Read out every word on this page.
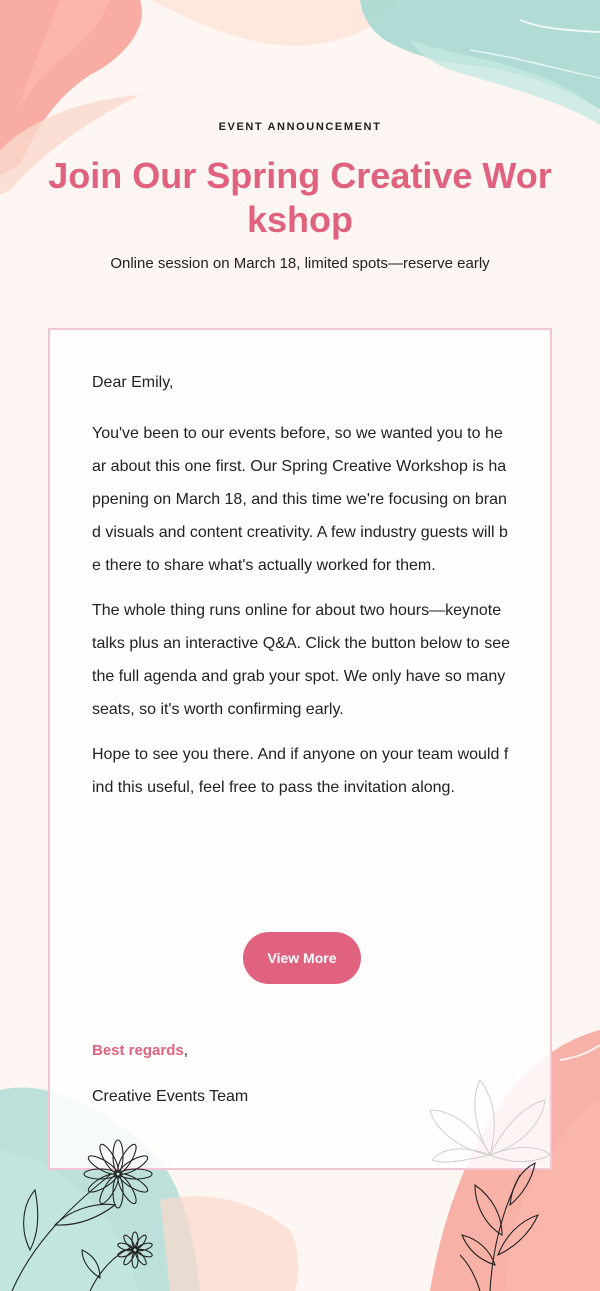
EVENT ANNOUNCEMENT
Join Our Spring Creative Workshop
Online session on March 18, limited spots—reserve early

Dear Emily,

You've been to our events before, so we wanted you to hear about this one first. Our Spring Creative Workshop is happening on March 18, and this time we're focusing on brand visuals and content creativity. A few industry guests will be there to share what's actually worked for them.

The whole thing runs online for about two hours—keynote talks plus an interactive Q&A. Click the button below to see the full agenda and grab your spot. We only have so many seats, so it's worth confirming early.

Hope to see you there. And if anyone on your team would find this useful, feel free to pass the invitation along.

View More
Best regards,
Creative Events Team
